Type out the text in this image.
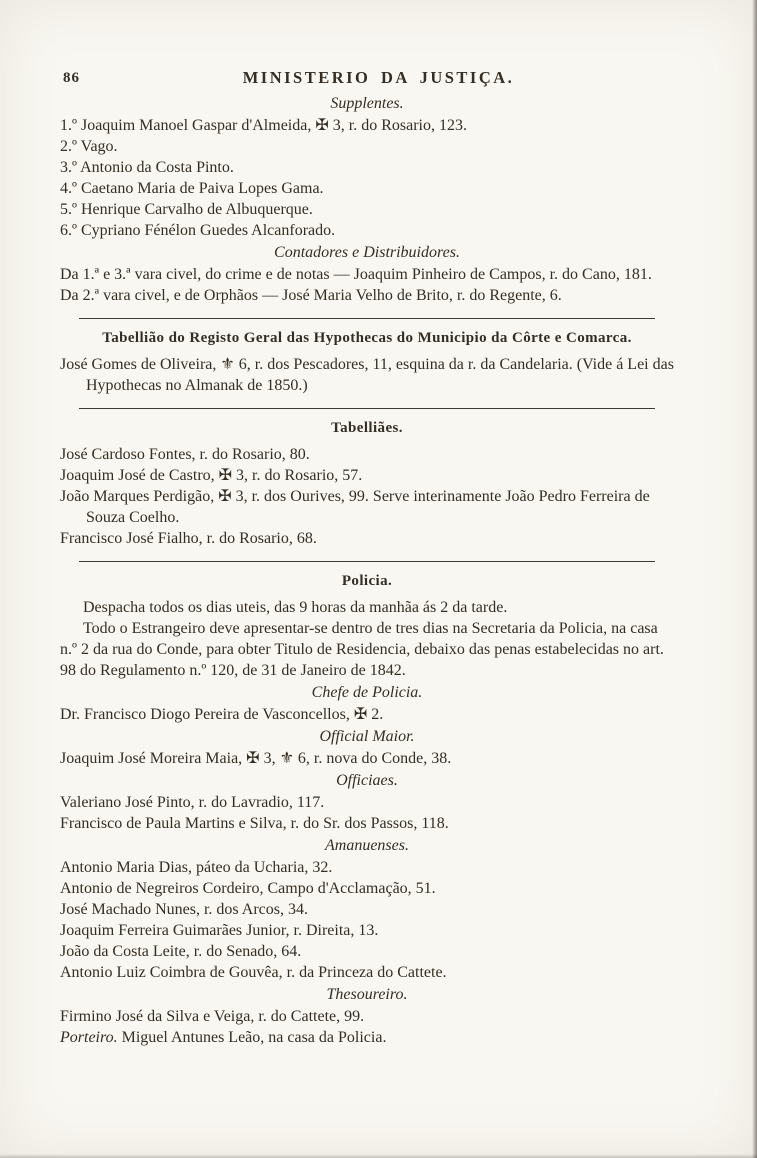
86	MINISTERIO DA JUSTIÇA.

Supplentes.

1.º Joaquim Manoel Gaspar d'Almeida, ✠ 3, r. do Rosario, 123.

2.º Vago.

3.º Antonio da Costa Pinto.

4.º Caetano Maria de Paiva Lopes Gama.

5.º Henrique Carvalho de Albuquerque.

6.º Cypriano Fénélon Guedes Alcanforado.

Contadores e Distribuidores.

Da 1.ª e 3.ª vara civel, do crime e de notas — Joaquim Pinheiro de Campos, r. do Cano, 181.

Da 2.ª vara civel, e de Orphãos — José Maria Velho de Brito, r. do Regente, 6.

Tabellião do Registo Geral das Hypothecas do Municipio da Côrte e Comarca.

José Gomes de Oliveira, ⚜ 6, r. dos Pescadores, 11, esquina da r. da Candelaria. (Vide á Lei das Hypothecas no Almanak de 1850.)

Tabelliães.

José Cardoso Fontes, r. do Rosario, 80.

Joaquim José de Castro, ✠ 3, r. do Rosario, 57.

João Marques Perdigão, ✠ 3, r. dos Ourives, 99. Serve interinamente João Pedro Ferreira de Souza Coelho.

Francisco José Fialho, r. do Rosario, 68.

Policia.

Despacha todos os dias uteis, das 9 horas da manhãa ás 2 da tarde.

Todo o Estrangeiro deve apresentar-se dentro de tres dias na Secretaria da Policia, na casa n.º 2 da rua do Conde, para obter Titulo de Residencia, debaixo das penas estabelecidas no art. 98 do Regulamento n.º 120, de 31 de Janeiro de 1842.

Chefe de Policia.

Dr. Francisco Diogo Pereira de Vasconcellos, ✠ 2.

Official Maior.

Joaquim José Moreira Maia, ✠ 3, ⚜ 6, r. nova do Conde, 38.

Officiaes.

Valeriano José Pinto, r. do Lavradio, 117.

Francisco de Paula Martins e Silva, r. do Sr. dos Passos, 118.

Amanuenses.

Antonio Maria Dias, páteo da Ucharia, 32.

Antonio de Negreiros Cordeiro, Campo d'Acclamação, 51.

José Machado Nunes, r. dos Arcos, 34.

Joaquim Ferreira Guimarães Junior, r. Direita, 13.

João da Costa Leite, r. do Senado, 64.

Antonio Luiz Coimbra de Gouvêa, r. da Princeza do Cattete.

Thesoureiro.

Firmino José da Silva e Veiga, r. do Cattete, 99.

Porteiro. Miguel Antunes Leão, na casa da Policia.
